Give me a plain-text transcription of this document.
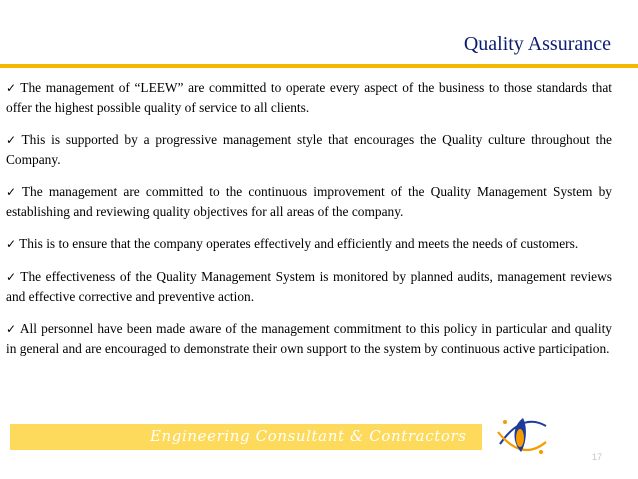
Quality Assurance

✓ The management of “LEEW” are committed to operate every aspect of the business to those standards that offer the highest possible quality of service to all clients.

✓ This is supported by a progressive management style that encourages the Quality culture throughout the Company.

✓ The management are committed to the continuous improvement of the Quality Management System by establishing and reviewing quality objectives for all areas of the company.

✓ This is to ensure that the company operates effectively and efficiently and meets the needs of customers.

✓ The effectiveness of the Quality Management System is monitored by planned audits, management reviews and effective corrective and preventive action.

✓ All personnel have been made aware of the management commitment to this policy in particular and quality in general and are encouraged to demonstrate their own support to the system by continuous active participation.

Engineering Consultant & Contractors
17
